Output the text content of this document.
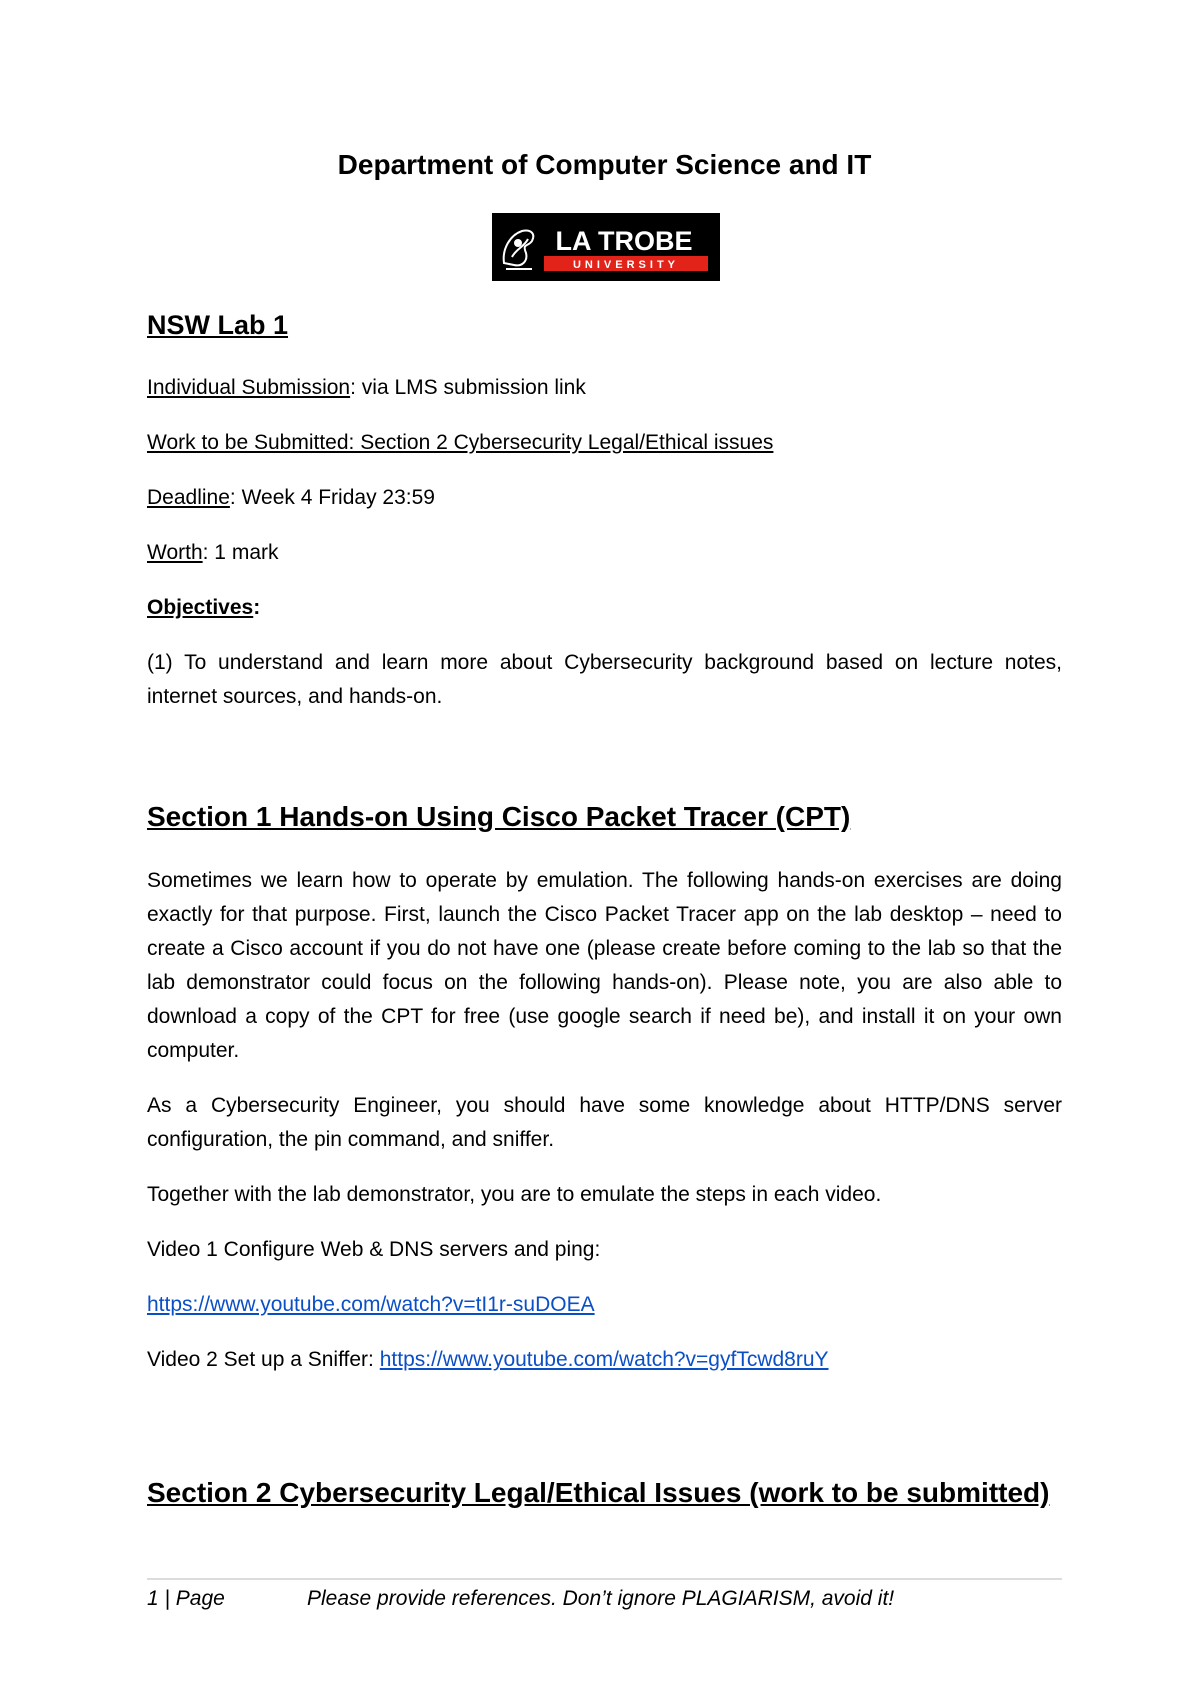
Department of Computer Science and IT
LA TROBE
UNIVERSITY
NSW Lab 1
Individual Submission: via LMS submission link
Work to be Submitted: Section 2 Cybersecurity Legal/Ethical issues
Deadline: Week 4 Friday 23:59
Worth: 1 mark
Objectives:
(1) To understand and learn more about Cybersecurity background based on lecture notes, internet sources, and hands-on.
Section 1 Hands-on Using Cisco Packet Tracer (CPT)
Sometimes we learn how to operate by emulation. The following hands-on exercises are doing exactly for that purpose. First, launch the Cisco Packet Tracer app on the lab desktop – need to create a Cisco account if you do not have one (please create before coming to the lab so that the lab demonstrator could focus on the following hands-on). Please note, you are also able to download a copy of the CPT for free (use google search if need be), and install it on your own computer.
As a Cybersecurity Engineer, you should have some knowledge about HTTP/DNS server configuration, the pin command, and sniffer.
Together with the lab demonstrator, you are to emulate the steps in each video.
Video 1 Configure Web & DNS servers and ping:
https://www.youtube.com/watch?v=tI1r-suDOEA
Video 2 Set up a Sniffer: https://www.youtube.com/watch?v=gyfTcwd8ruY
Section 2 Cybersecurity Legal/Ethical Issues (work to be submitted)
1 | Page	Please provide references. Don’t ignore PLAGIARISM, avoid it!
